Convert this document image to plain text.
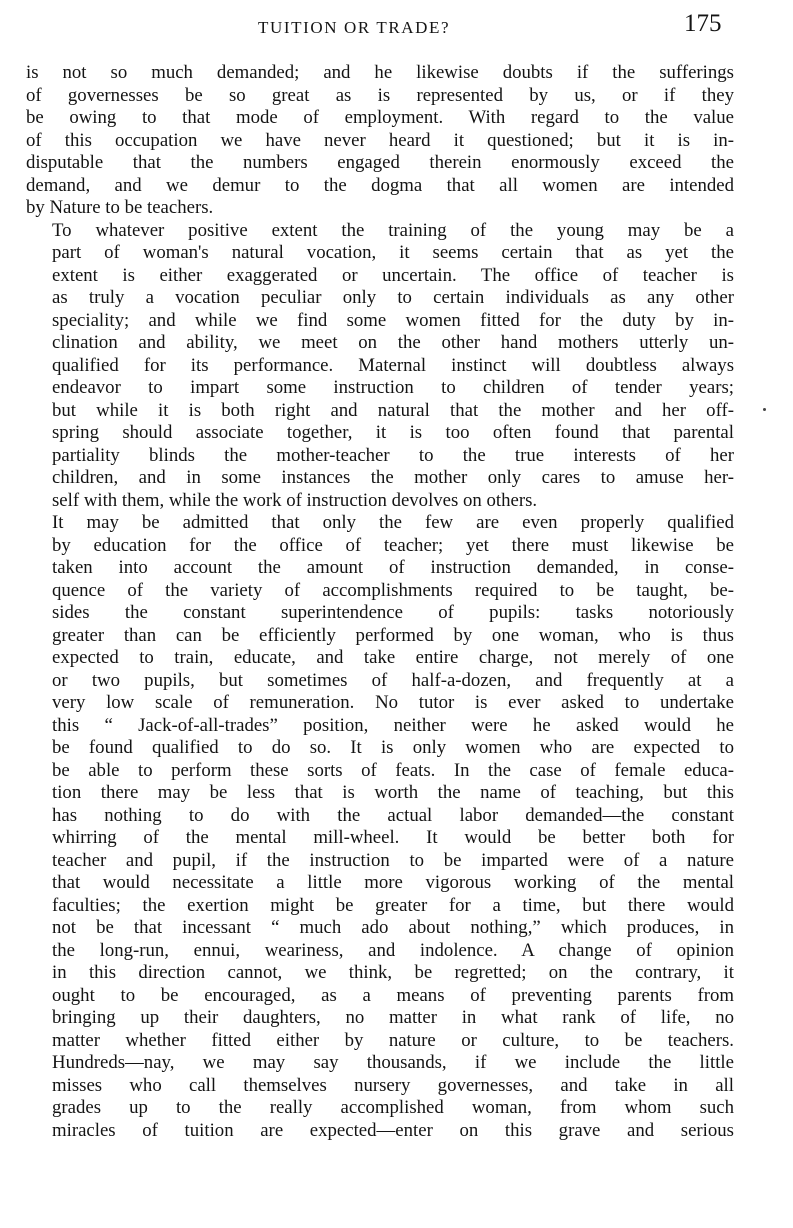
TUITION OR TRADE?	175

is not so much demanded; and he likewise doubts if the sufferings
of governesses be so great as is represented by us, or if they
be owing to that mode of employment. With regard to the value
of this occupation we have never heard it questioned; but it is in-
disputable that the numbers engaged therein enormously exceed the
demand, and we demur to the dogma that all women are intended
by Nature to be teachers.

To whatever positive extent the training of the young may be a
part of woman's natural vocation, it seems certain that as yet the
extent is either exaggerated or uncertain. The office of teacher is
as truly a vocation peculiar only to certain individuals as any other
speciality; and while we find some women fitted for the duty by in-
clination and ability, we meet on the other hand mothers utterly un-
qualified for its performance. Maternal instinct will doubtless always
endeavor to impart some instruction to children of tender years;
but while it is both right and natural that the mother and her off-
spring should associate together, it is too often found that parental
partiality blinds the mother-teacher to the true interests of her
children, and in some instances the mother only cares to amuse her-
self with them, while the work of instruction devolves on others.

It may be admitted that only the few are even properly qualified
by education for the office of teacher; yet there must likewise be
taken into account the amount of instruction demanded, in conse-
quence of the variety of accomplishments required to be taught, be-
sides the constant superintendence of pupils: tasks notoriously
greater than can be efficiently performed by one woman, who is thus
expected to train, educate, and take entire charge, not merely of one
or two pupils, but sometimes of half-a-dozen, and frequently at a
very low scale of remuneration. No tutor is ever asked to undertake
this “ Jack-of-all-trades” position, neither were he asked would he
be found qualified to do so. It is only women who are expected to
be able to perform these sorts of feats. In the case of female educa-
tion there may be less that is worth the name of teaching, but this
has nothing to do with the actual labor demanded—the constant
whirring of the mental mill-wheel. It would be better both for
teacher and pupil, if the instruction to be imparted were of a nature
that would necessitate a little more vigorous working of the mental
faculties; the exertion might be greater for a time, but there would
not be that incessant “ much ado about nothing,” which produces, in
the long-run, ennui, weariness, and indolence. A change of opinion
in this direction cannot, we think, be regretted; on the contrary, it
ought to be encouraged, as a means of preventing parents from
bringing up their daughters, no matter in what rank of life, no
matter whether fitted either by nature or culture, to be teachers.
Hundreds—nay, we may say thousands, if we include the little
misses who call themselves nursery governesses, and take in all
grades up to the really accomplished woman, from whom such
miracles of tuition are expected—enter on this grave and serious
